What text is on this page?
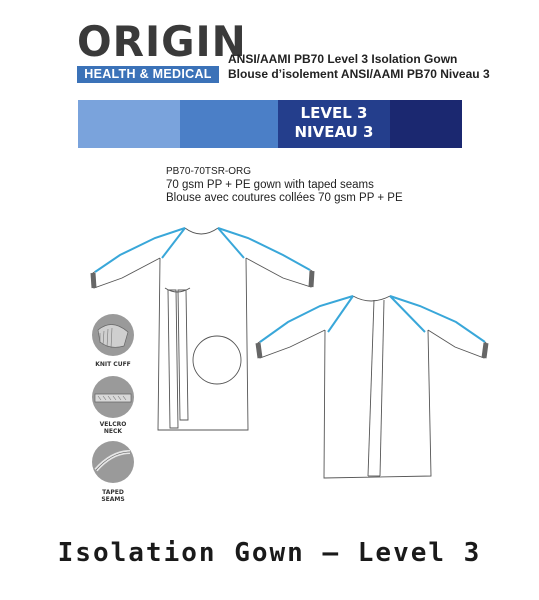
ORIGIN
HEALTH & MEDICAL
ANSI/AAMI PB70 Level 3 Isolation Gown
Blouse d’isolement ANSI/AAMI PB70 Niveau 3
LEVEL 3
NIVEAU 3
PB70-70TSR-ORG
70 gsm PP + PE gown with taped seams
Blouse avec coutures collées 70 gsm PP + PE
KNIT CUFF
VELCRO
NECK
TAPED
SEAMS
Isolation Gown – Level 3
